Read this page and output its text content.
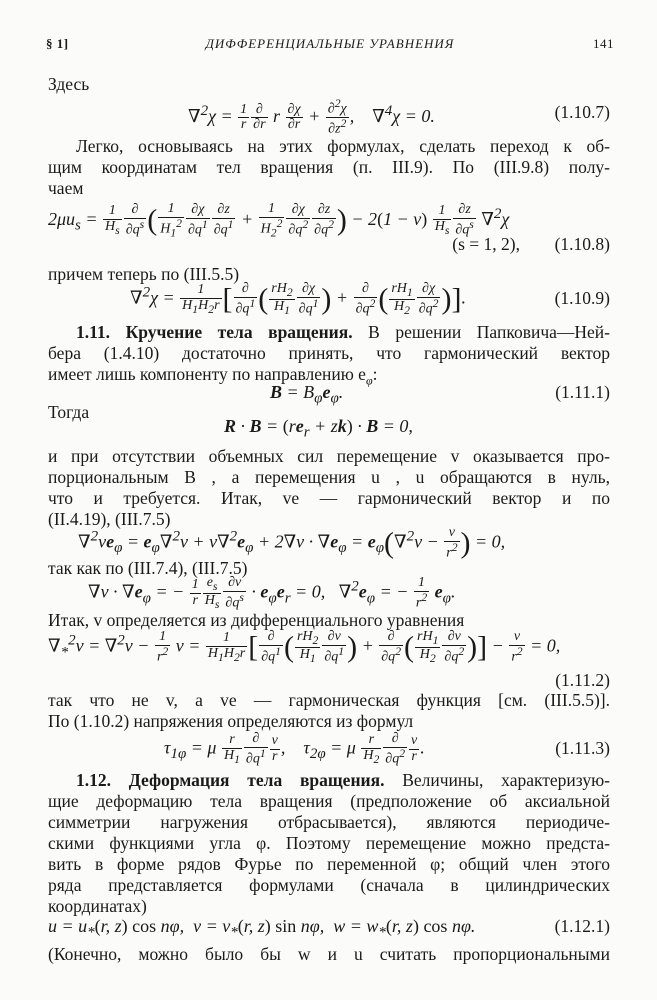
§ 1]	ДИФФЕРЕНЦИАЛЬНЫЕ УРАВНЕНИЯ	141
Здесь
$\nabla^2\chi = \frac{1}{r} \frac{\partial}{\partial r}$ r $\frac{\partial\chi}{\partial r} + \frac{\partial^2\chi}{\partial z^2}$ ,    ∇$^4$χ = 0.	(1.10.7)
Легко, основываясь на этих формулах, сделать переход к об-
щим координатам тел вращения (п. III.9). По (III.9.8) полу-
чаем
$2\mu u_s = \frac{1}{H_s} \frac{\partial}{\partial q^s}$ ( $\frac{1}{H_1^2} \frac{\partial\chi}{\partial q^1} \frac{\partial z}{\partial q^1} + \frac{1}{H_2^2} \frac{\partial\chi}{\partial q^2} \frac{\partial z}{\partial q^2}$ ) − $2(1 - \nu) \frac{1}{H_s} \frac{\partial z}{\partial q^s} \nabla^2\chi$
(s = 1, 2), (1.10.8)
причем теперь по (III.5.5)
$\nabla^2\chi = \frac{1}{H_1H_2r}$ [ $\frac{\partial}{\partial q^1}$ ( $\frac{rH_2}{H_1} \frac{\partial\chi}{\partial q^1}$ ) + $\frac{\partial}{\partial q^2}$ ( $\frac{rH_1}{H_2} \frac{\partial\chi}{\partial q^2}$ )].	(1.10.9)
1.11. Кручение тела вращения. В решении Папковича—Ней-
бера (1.4.10) достаточно принять, что гармонический вектор
имеет лишь компоненту по направлению $e_\varphi$:
$B = B_\varphi e_\varphi$.	(1.11.1)
Тогда
$R \cdot B = (re_r + zk) \cdot B = 0$,
и при отсутствии объемных сил перемещение v оказывается про-
порциональным B , а перемещения u , u обращаются в нуль,
что и требуется. Итак, ve — гармонический вектор и по
(II.4.19), (III.7.5)
$\nabla^2ve_\varphi = e_\varphi\nabla^2v + v\nabla^2e_\varphi + 2\nabla v \cdot \nabla e_\varphi = e_\varphi(\nabla^2v - \frac{v}{r^2}$ ) = 0,
так как по (III.7.4), (III.7.5)
$\nabla v \cdot \nabla e_\varphi$ = − $\frac{1}{r} \frac{e_s}{H_s} \frac{\partial v}{\partial q^s} \cdot e_\varphi e_r = 0$,   $\nabla^2e_\varphi$ = − $\frac{1}{r^2} e_\varphi$.
Итак, v определяется из дифференциального уравнения
$\nabla_*^2v = \nabla^2v - \frac{1}{r^2}$ $v = \frac{1}{H_1H_2r}$ [ $\frac{\partial}{\partial q^1}$ ( $\frac{rH_2}{H_1} \frac{\partial v}{\partial q^1}$ ) + $\frac{\partial}{\partial q^2}$ ( $\frac{rH_1}{H_2} \frac{\partial v}{\partial q^2}$ )] − $\frac{v}{r^2} = 0$,
(1.11.2)
так что не v, а ve — гармоническая функция [см. (III.5.5)].
По (1.10.2) напряжения определяются из формул
$\tau_{1\varphi} = \mu \frac{r}{H_1} \frac{\partial}{\partial q^1} \frac{v}{r}$ ,    $\tau_{2\varphi} = \mu \frac{r}{H_2} \frac{\partial}{\partial q^2} \frac{v}{r}$ .	(1.11.3)
1.12. Деформация тела вращения. Величины, характеризую-
щие деформацию тела вращения (предположение об аксиальной
симметрии нагружения отбрасывается), являются периодиче-
скими функциями угла φ. Поэтому перемещение можно предста-
вить в форме рядов Фурье по переменной φ; общий член этого
ряда представляется формулами (сначала в цилиндрических
координатах)
$u = u_*(r$, z) cos nφ,  $v = v_*(r$, z) sin nφ,  $w = w_*(r$, z) cos nφ.	(1.12.1)
(Конечно, можно было бы w и u считать пропорциональными
